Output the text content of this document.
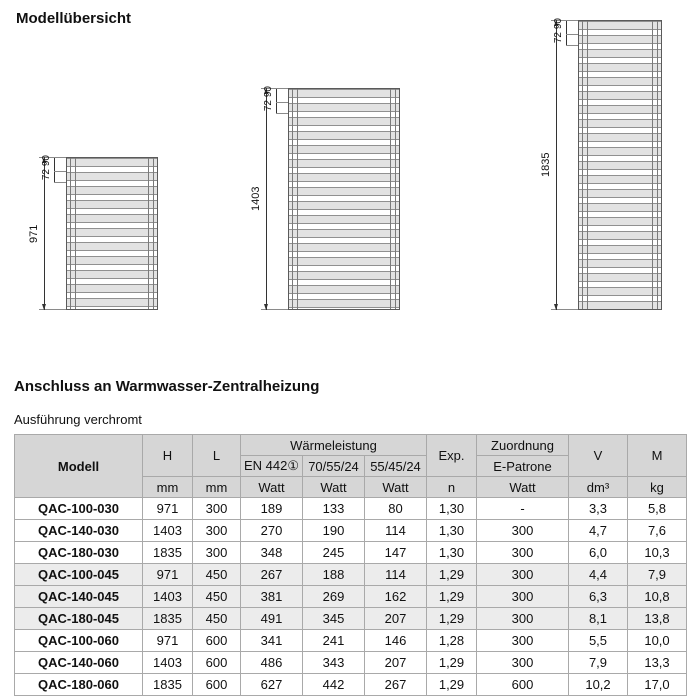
Modellübersicht
971
90
72
1403
90
72
1835
90
72
Anschluss an Warmwasser-Zentralheizung
Ausführung verchromt
Modell	H	L	Wärmeleistung			Exp.	Zuordnung	V	M
			EN 442①	70/55/24	55/45/24		E-Patrone		
	mm	mm	Watt	Watt	Watt	n	Watt	dm³	kg
QAC-100-030	971	300	189	133	80	1,30	-	3,3	5,8
QAC-140-030	1403	300	270	190	114	1,30	300	4,7	7,6
QAC-180-030	1835	300	348	245	147	1,30	300	6,0	10,3
QAC-100-045	971	450	267	188	114	1,29	300	4,4	7,9
QAC-140-045	1403	450	381	269	162	1,29	300	6,3	10,8
QAC-180-045	1835	450	491	345	207	1,29	300	8,1	13,8
QAC-100-060	971	600	341	241	146	1,28	300	5,5	10,0
QAC-140-060	1403	600	486	343	207	1,29	300	7,9	13,3
QAC-180-060	1835	600	627	442	267	1,29	600	10,2	17,0
